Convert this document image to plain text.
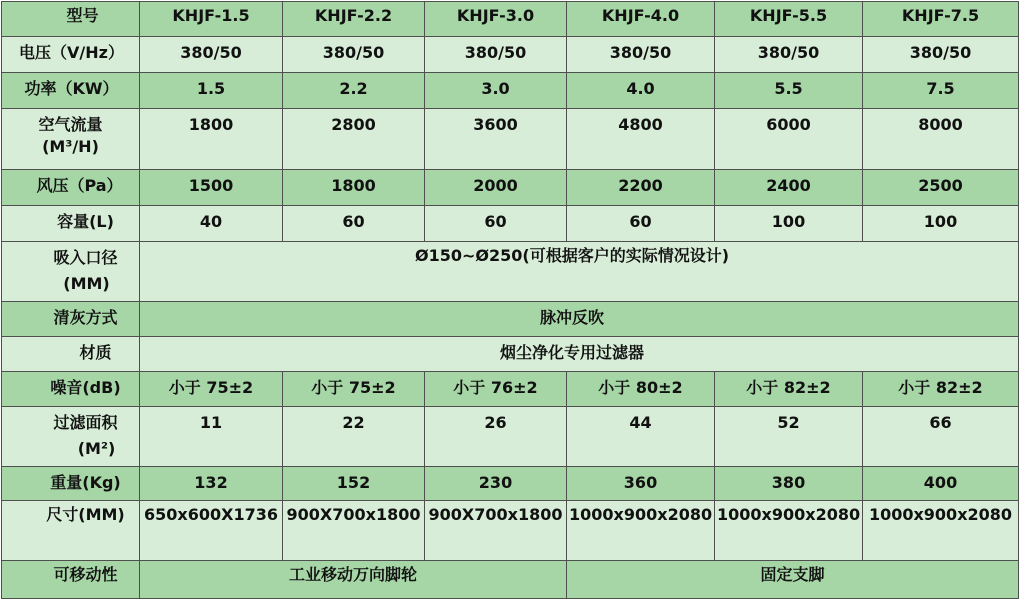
型号	KHJF-1.5	KHJF-2.2	KHJF-3.0	KHJF-4.0	KHJF-5.5	KHJF-7.5
电压（V/Hz）	380/50	380/50	380/50	380/50	380/50	380/50
功率（KW）	1.5	2.2	3.0	4.0	5.5	7.5

空气流量
(M³/H)	1800	2800	3600	4800	6000	8000
风压（Pa）	1500	1800	2000	2200	2400	2500
容量(L)	40	60	60	60	100	100

吸入口径
(MM)	Ø150~Ø250(可根据客户的实际情况设计)					
清灰方式	脉冲反吹					
材质	烟尘净化专用过滤器					
噪音(dB)	小于 75±2	小于 75±2	小于 76±2	小于 80±2	小于 82±2	小于 82±2

过滤面积
(M²)	11	22	26	44	52	66
重量(Kg)	132	152	230	360	380	400
尺寸(MM)	650x600X1736	900X700x1800	900X700x1800	1000x900x2080	1000x900x2080	1000x900x2080
可移动性	工业移动万向脚轮			固定支脚		
